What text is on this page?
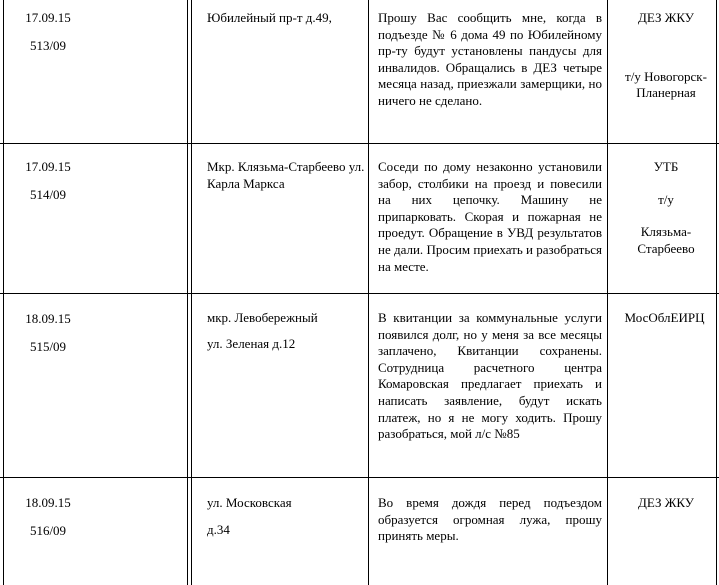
17.09.15
513/09
Юбилейный пр-т д.49,	Прошу Вас сообщить мне, когда в подъезде № 6 дома 49 по Юбилейному пр-ту будут установлены пандусы для инвалидов. Обращались в ДЕЗ четыре месяца назад, приезжали замерщики, но ничего не сделано.
ДЕЗ ЖКУ
т/у Новогорск-Планерная
17.09.15
514/09
Мкр. Клязьма-Старбеево ул. Карла Маркса
Соседи по дому незаконно установили забор, столбики на проезд и повесили на них цепочку. Машину не припарковать. Скорая и пожарная не проедут. Обращение в УВД результатов не дали. Просим приехать и разобраться на месте.
УТБ
т/у
Клязьма-Старбеево
18.09.15
515/09
мкр. Левобережный
ул. Зеленая д.12
В квитанции за коммунальные услуги появился долг, но у меня за все месяцы заплачено, Квитанции сохранены. Сотрудница расчетного центра Комаровская предлагает приехать и написать заявление, будут искать платеж, но я не могу ходить. Прошу разобраться, мой л/с №85
МосОблЕИРЦ
18.09.15
516/09
ул. Московская
д.34
Во время дождя перед подъездом образуется огромная лужа, прошу принять меры.
ДЕЗ ЖКУ
